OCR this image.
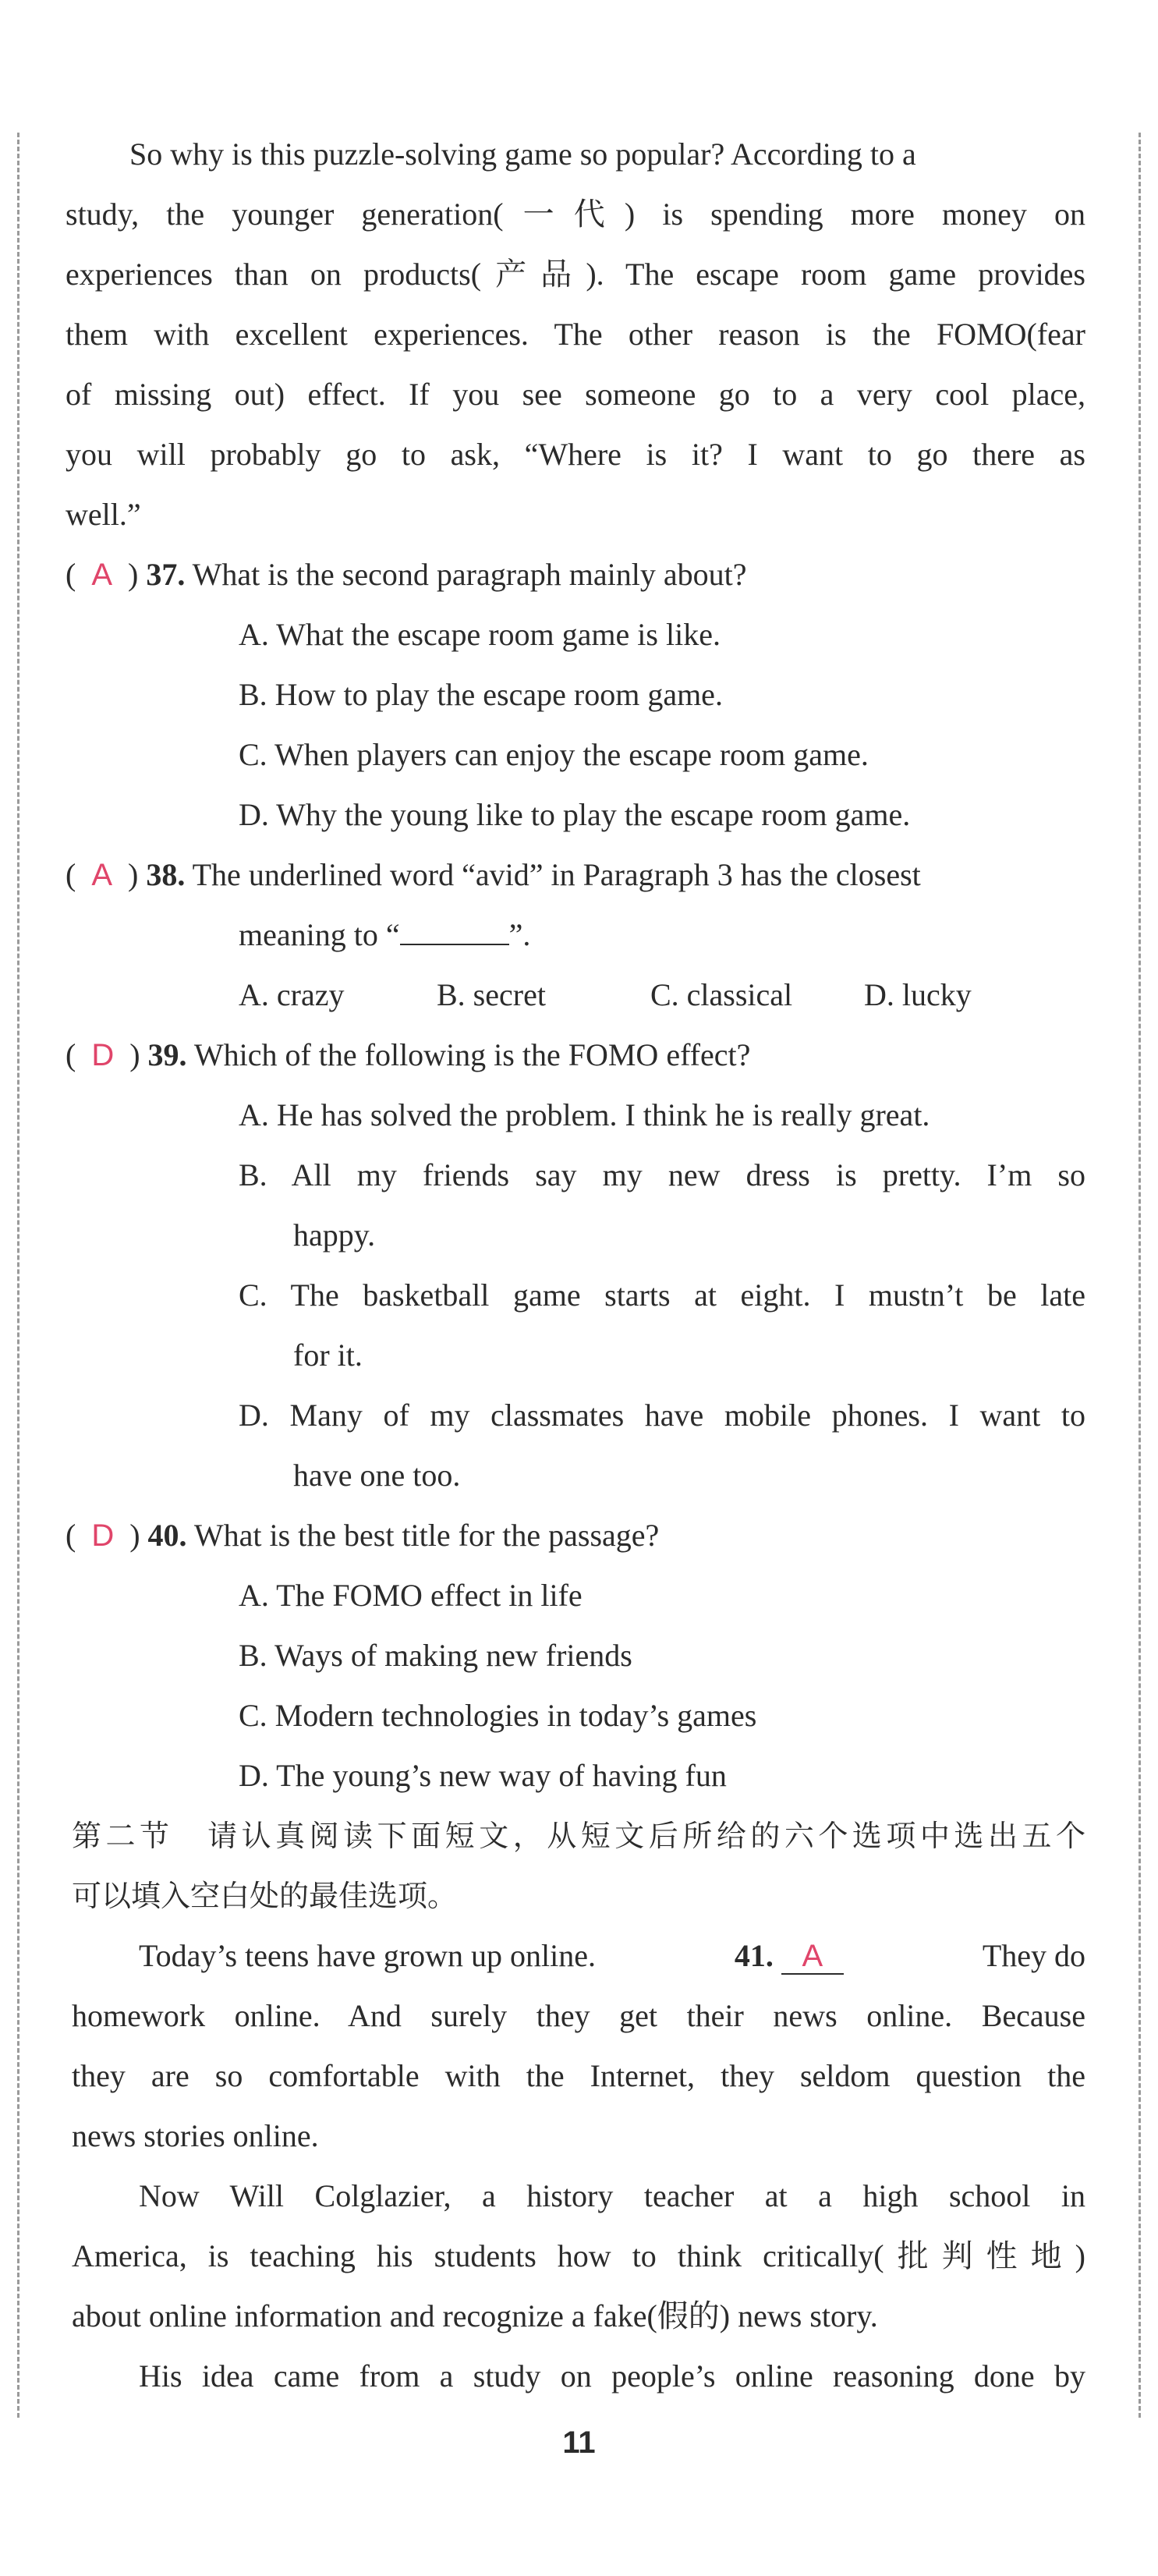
So why is this puzzle-solving game so popular? According to a
study, the younger generation(一代) is spending more money on
experiences than on products(产品). The escape room game provides
them with excellent experiences. The other reason is the FOMO(fear
of missing out) effect. If you see someone go to a very cool place,
you will probably go to ask, “Where is it? I want to go there as
well.”
(  A  ) 37. What is the second paragraph mainly about?
A. What the escape room game is like.
B. How to play the escape room game.
C. When players can enjoy the escape room game.
D. Why the young like to play the escape room game.
(  A  ) 38. The underlined word “avid” in Paragraph 3 has the closest
meaning to “	”.
A. crazy	B. secret	C. classical D. lucky
(  D  ) 39. Which of the following is the FOMO effect?
A. He has solved the problem. I think he is really great.
B. All my friends say my new dress is pretty. I’m so
happy.
C. The basketball game starts at eight. I mustn’t be late
for it.
D. Many of my classmates have mobile phones. I want to
have one too.
(  D  ) 40. What is the best title for the passage?
A. The FOMO effect in life
B. Ways of making new friends
C. Modern technologies in today’s games
D. The young’s new way of having fun
第二节　请认真阅读下面短文，从短文后所给的六个选项中选出五个
可以填入空白处的最佳选项。
Today’s teens have grown up online.	41. A	They do
homework online. And surely they get their news online. Because
they are so comfortable with the Internet, they seldom question the
news stories online.
Now Will Colglazier, a history teacher at a high school in
America, is teaching his students how to think critically(批判性地)
about online information and recognize a fake(假的) news story.
His idea came from a study on people’s online reasoning done by
11
